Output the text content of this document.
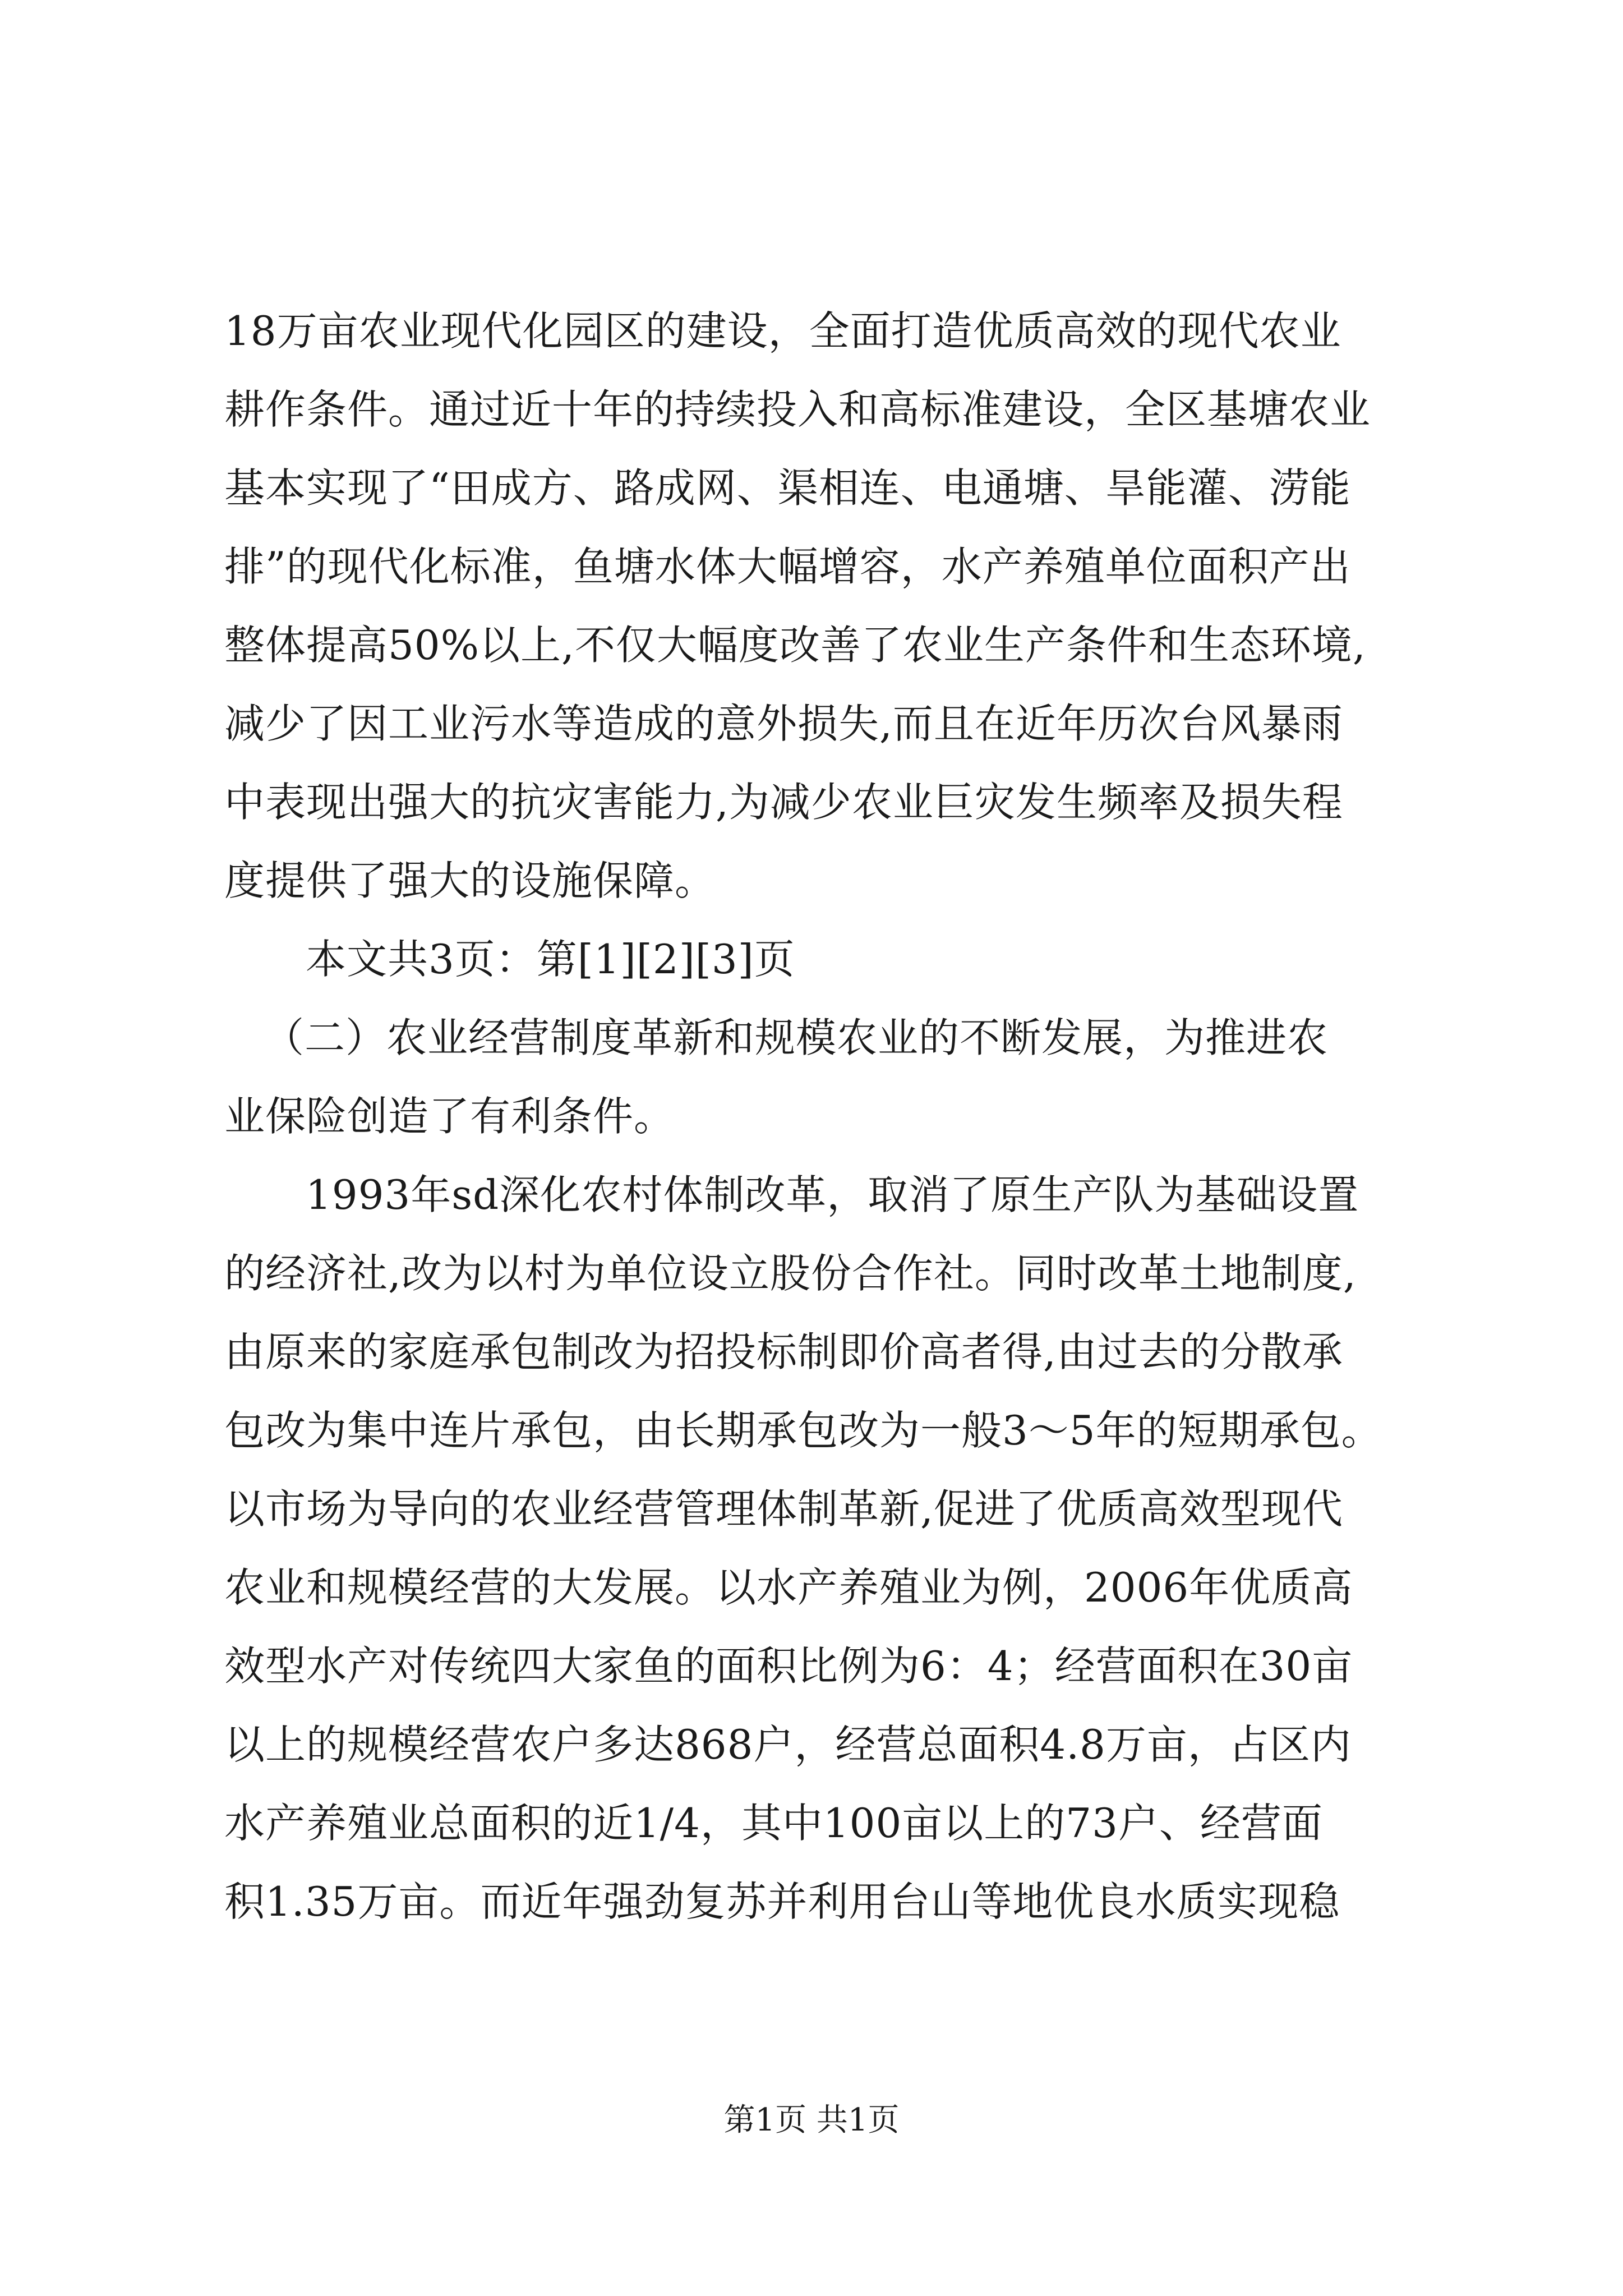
18万亩农业现代化园区的建设，全面打造优质高效的现代农业
耕作条件。通过近十年的持续投入和高标准建设，全区基塘农业
基本实现了“田成方、路成网、渠相连、电通塘、旱能灌、涝能
排”的现代化标准，鱼塘水体大幅增容，水产养殖单位面积产出
整体提高50%以上,不仅大幅度改善了农业生产条件和生态环境,
减少了因工业污水等造成的意外损失,而且在近年历次台风暴雨
中表现出强大的抗灾害能力,为减少农业巨灾发生频率及损失程
度提供了强大的设施保障。
本文共3页：第[1][2][3]页
（二）农业经营制度革新和规模农业的不断发展，为推进农
业保险创造了有利条件。
1993年sd深化农村体制改革，取消了原生产队为基础设置
的经济社,改为以村为单位设立股份合作社。同时改革土地制度,
由原来的家庭承包制改为招投标制即价高者得,由过去的分散承
包改为集中连片承包，由长期承包改为一般3～5年的短期承包。
以市场为导向的农业经营管理体制革新,促进了优质高效型现代
农业和规模经营的大发展。以水产养殖业为例，2006年优质高
效型水产对传统四大家鱼的面积比例为6：4；经营面积在30亩
以上的规模经营农户多达868户，经营总面积4.8万亩，占区内
水产养殖业总面积的近1/4，其中100亩以上的73户、经营面
积1.35万亩。而近年强劲复苏并利用台山等地优良水质实现稳
第1页 共1页
